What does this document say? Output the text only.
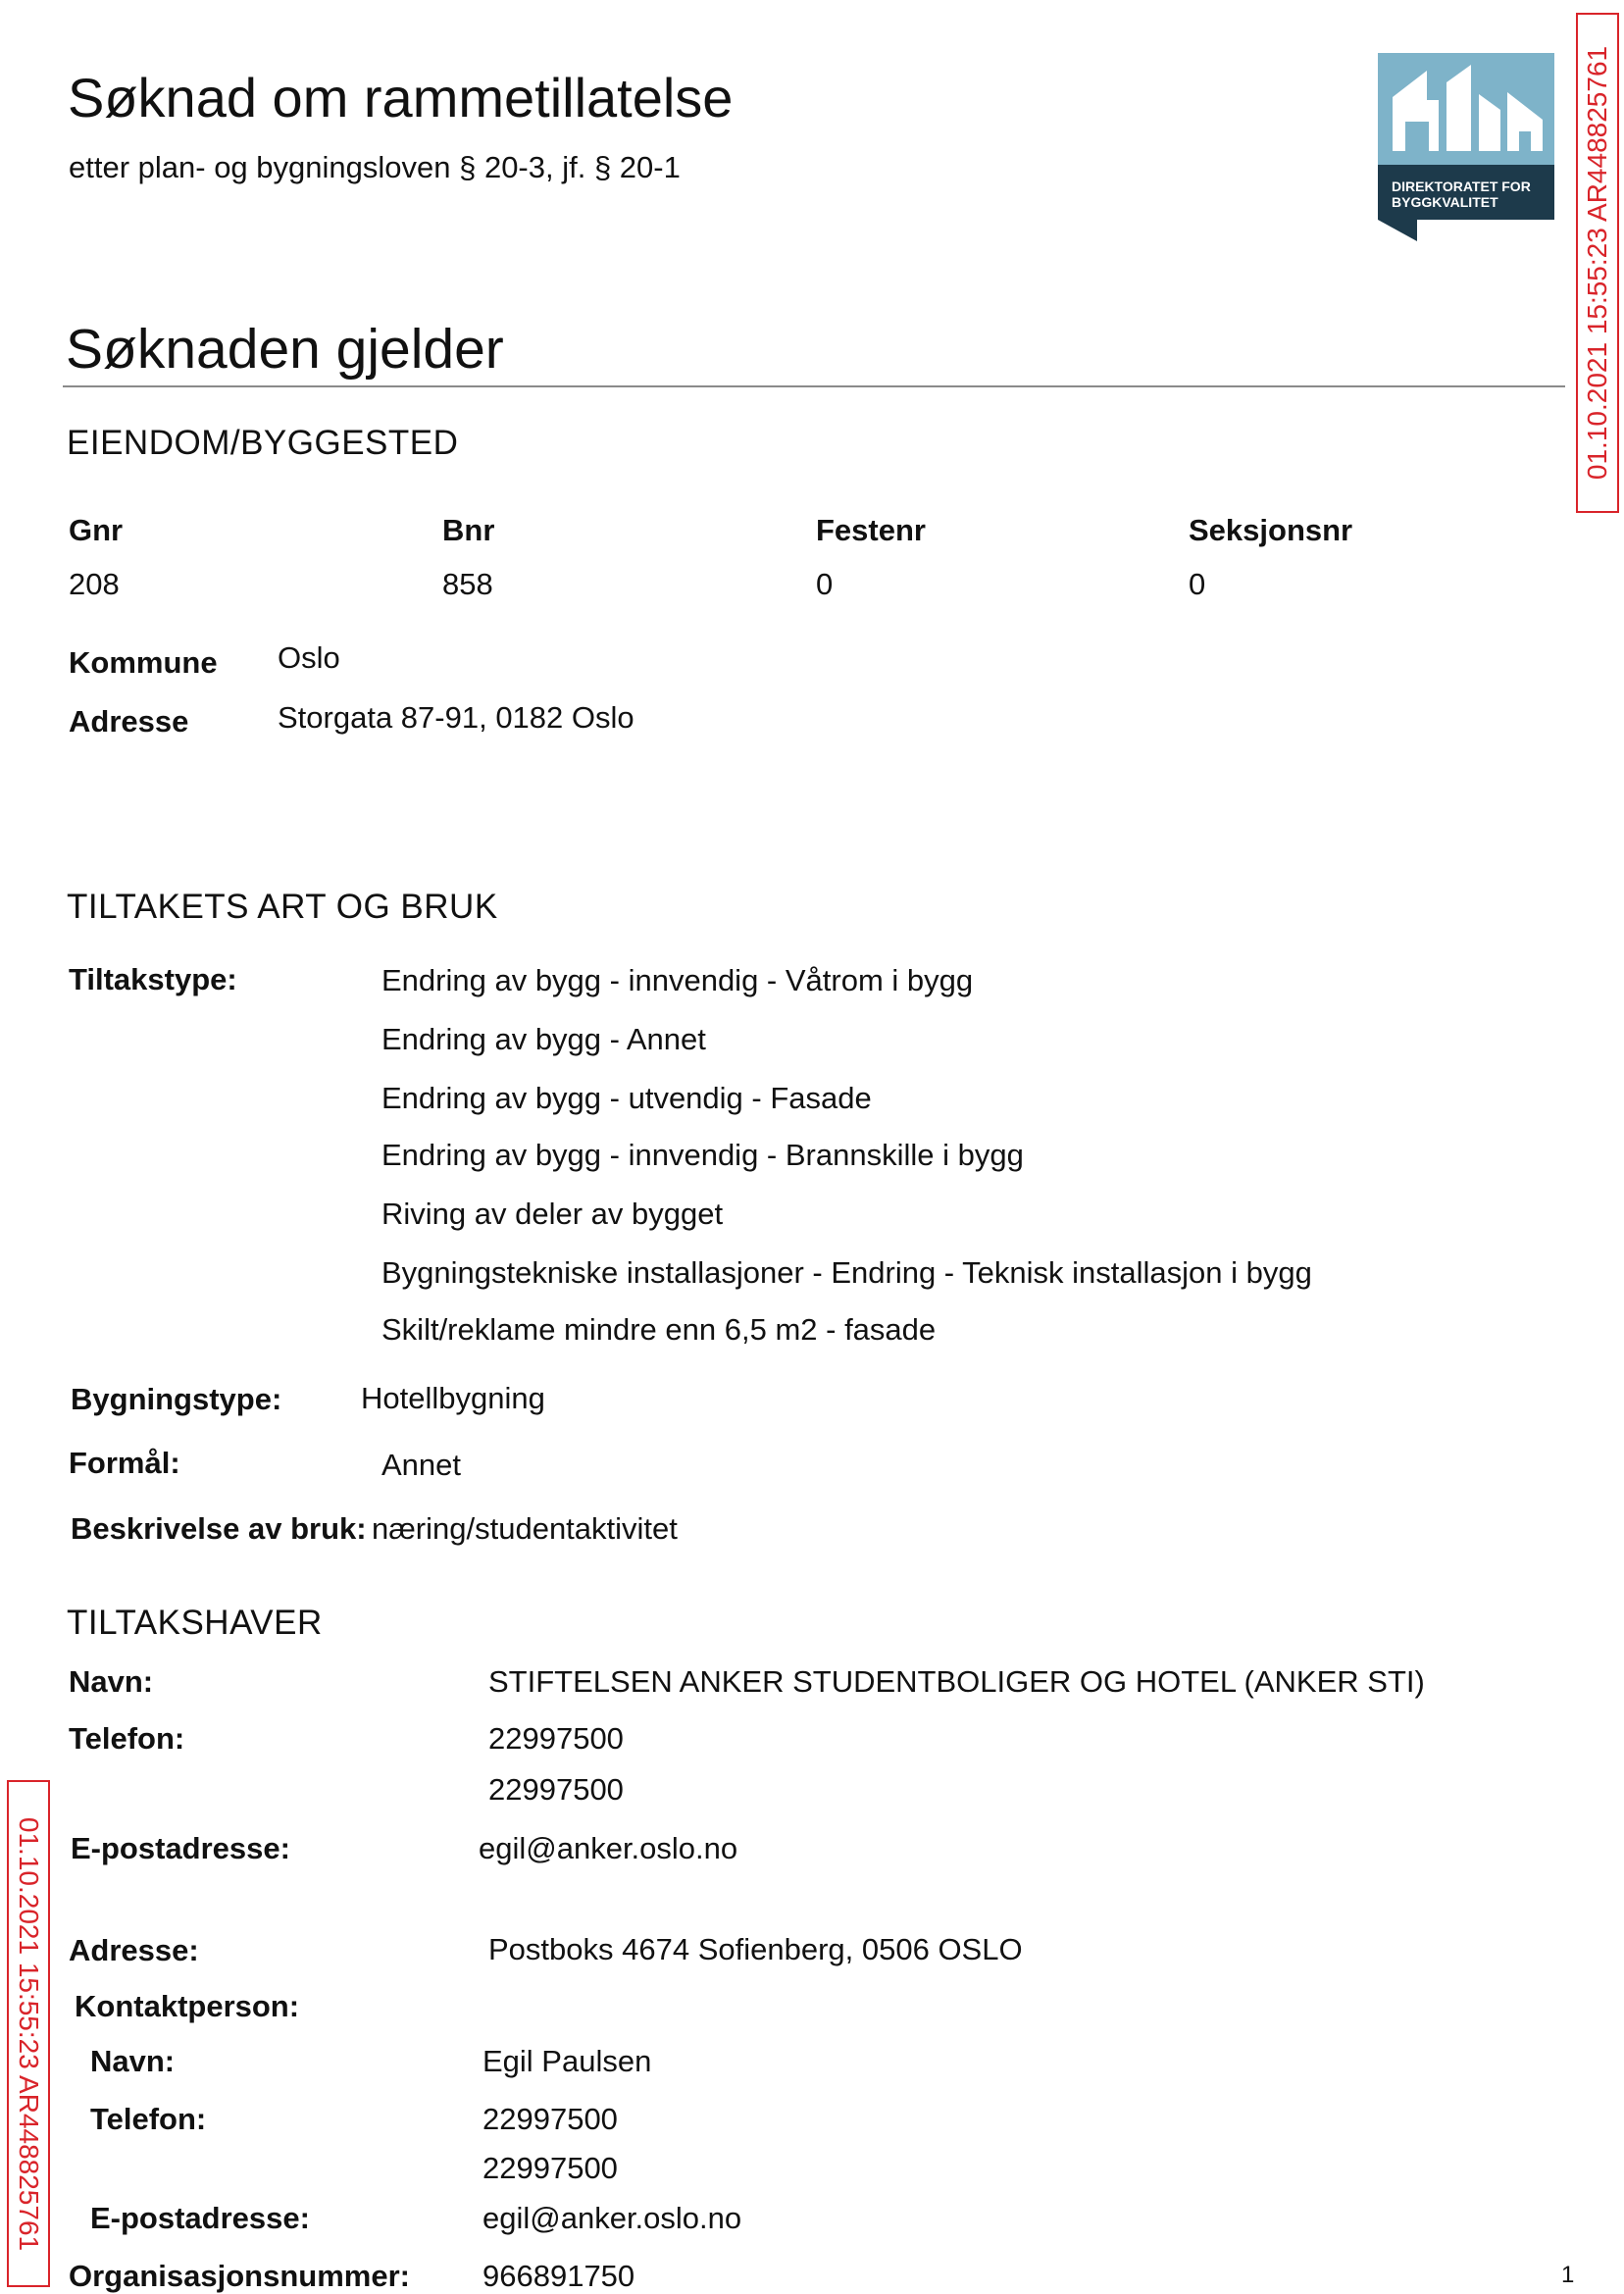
Søknad om rammetillatelse
etter plan- og bygningsloven § 20-3, jf. § 20-1
DIREKTORATET FOR BYGGKVALITET	01.10.2021 15:55:23 AR448825761
01.10.2021 15:55:23 AR448825761
Søknaden gjelder
EIENDOM/BYGGESTED
Gnr	Bnr	Festenr	Seksjonsnr
208	858	0	0
Kommune Oslo
Adresse	Storgata 87-91, 0182 Oslo
TILTAKETS ART OG BRUK
Tiltakstype:	Endring av bygg - innvendig - Våtrom i bygg
Endring av bygg - Annet
Endring av bygg - utvendig - Fasade
Endring av bygg - innvendig - Brannskille i bygg
Riving av deler av bygget
Bygningstekniske installasjoner - Endring - Teknisk installasjon i bygg
Skilt/reklame mindre enn 6,5 m2 - fasade
Bygningstype:	Hotellbygning
Formål:	Annet
Beskrivelse av bruk: næring/studentaktivitet
TILTAKSHAVER
Navn:	STIFTELSEN ANKER STUDENTBOLIGER OG HOTEL (ANKER STI)
Telefon:	22997500
22997500
E-postadresse:	egil@anker.oslo.no
Adresse:	Postboks 4674 Sofienberg, 0506 OSLO
Kontaktperson:
Navn:	Egil Paulsen
Telefon:	22997500
22997500
E-postadresse:	egil@anker.oslo.no
Organisasjonsnummer: 966891750	1
